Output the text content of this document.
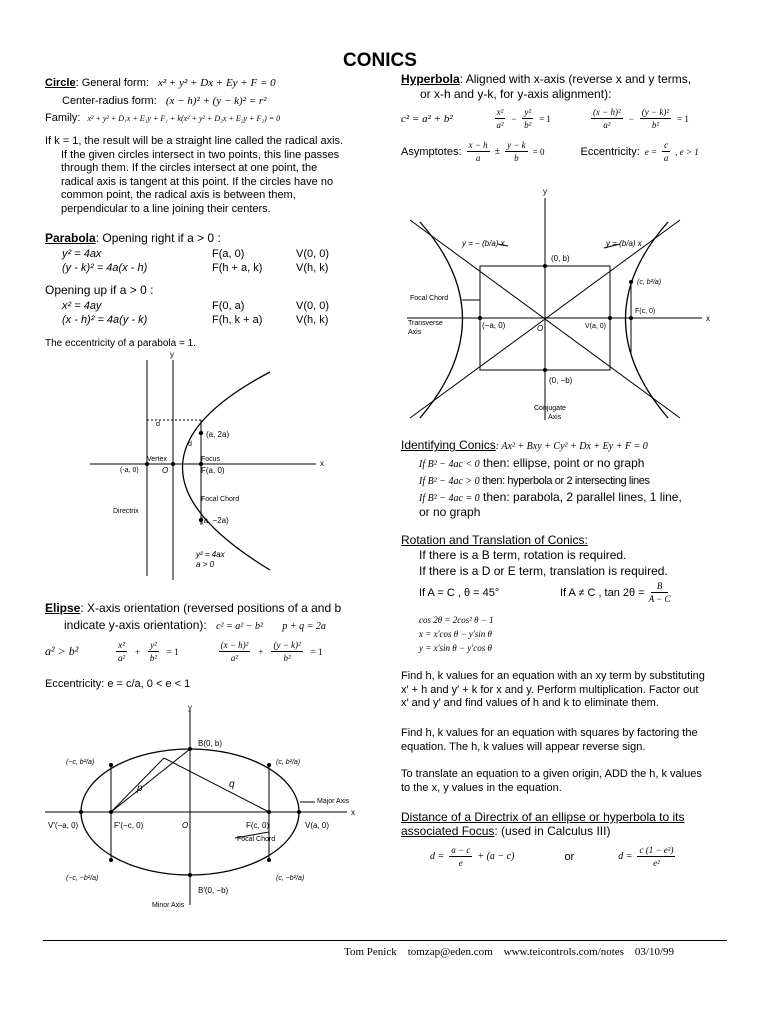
CONICS
Circle: General form: x² + y² + Dx + Ey + F = 0
Center-radius form: (x − h)² + (y − k)² = r²
Family: x² + y² + D₁x + E₁y + F₁ + k(x² + y² + D₂x + E₂y + F₂) = 0
If k = 1, the result will be a straight line called the radical axis.
If the given circles intersect in two points, this line passes
through them. If the circles intersect at one point, the
radical axis is tangent at this point. If the circles have no
common point, the radical axis is between them,
perpendicular to a line joining their centers.
Parabola: Opening right if a > 0 :
y² = 4ax	F(a, 0)	V(0, 0)
(y - k)² = 4a(x - h)	F(h + a, k)	V(h, k)
Opening up if a > 0 :
x² = 4ay	F(0, a)	V(0, 0)
(x - h)² = 4a(y - k)	F(h, k + a)	V(h, k)
The eccentricity of a parabola = 1.
y
x
(a, 2a)
d
d
Vertex	Focus
(-a, 0)	O	F(a, 0)
Focal Chord
Directrix
(a, −2a)
y² = 4ax
a > 0
Elipse: X-axis orientation (reversed positions of a and b
indicate y-axis orientation): c² = a² − b² p + q = 2a
a² > b²	$\frac{\text{x²}}{\text{a²}} + \frac{\text{y²}}{\text{b²}} = 1$	$\frac{\text{(x − h)²}}{\text{a²}} + \frac{\text{(y − k)²}}{\text{b²}} = 1$
Eccentricity: e = c/a, 0 < e < 1
y
x
B(0, b)
B′(0, −b)
V′(−a, 0)	V(a, 0)
F′(−c, 0)	F(c, 0)
O
p	q
Major Axis
Minor Axis
Focal Chord
(−c, b²/a)	(c, b²/a)
(−c, −b²/a)	(c, −b²/a)
Hyperbola: Aligned with x-axis (reverse x and y terms,
or x-h and y-k, for y-axis alignment):
c² = a² + b²	$\frac{\text{x²}}{\text{a²}} - \frac{\text{y²}}{\text{b²}} = 1$	$\frac{\text{(x − h)²}}{\text{a²}} - \frac{\text{(y − k)²}}{\text{b²}} = 1$
Asymptotes: $\frac{x - h}{a} \pm \frac{y - k}{b} = 0$	Eccentricity: $e = \frac{c}{a}$ , e > 1
y
x
y = − (b/a) x	y = (b/a) x
(0, b)
(0, −b)
Focal Chord
Transverse
Axis
(−a, 0)	O	V(a, 0)
F(c, 0)
(c, b²/a)
Conjugate
Axis
Identifying Conics: Ax² + Bxy + Cy² + Dx + Ey + F = 0
If B² − 4ac < 0 then: ellipse, point or no graph
If B² − 4ac > 0 then: hyperbola or 2 intersecting lines
If B² − 4ac = 0 then: parabola, 2 parallel lines, 1 line,
or no graph
Rotation and Translation of Conics:
If there is a B term, rotation is required.
If there is a D or E term, translation is required.
If A = C , θ = 45°	If A ≠ C , $\tan 2\theta = \frac{B}{A - C}$
cos 2θ = 2cos² θ − 1
x = x′cos θ − y′sin θ
y = x′sin θ − y′cos θ
Find h, k values for an equation with an xy term by substituting
x′ + h and y′ + k for x and y. Perform multiplication. Factor out
x′ and y′ and find values of h and k to eliminate them.
Find h, k values for an equation with squares by factoring the
equation. The h, k values will appear reverse sign.
To translate an equation to a given origin, ADD the h, k values
to the x, y values in the equation.
Distance of a Directrix of an ellipse or hyperbola to its
associated Focus: (used in Calculus III)
$d = \frac{a - c}{e} + (a - c)$	or	$d = \frac{\text{c (1 − e²)}}{\text{e²}}$
Tom Penick    tomzap@eden.com    www.teicontrols.com/notes    03/10/99
